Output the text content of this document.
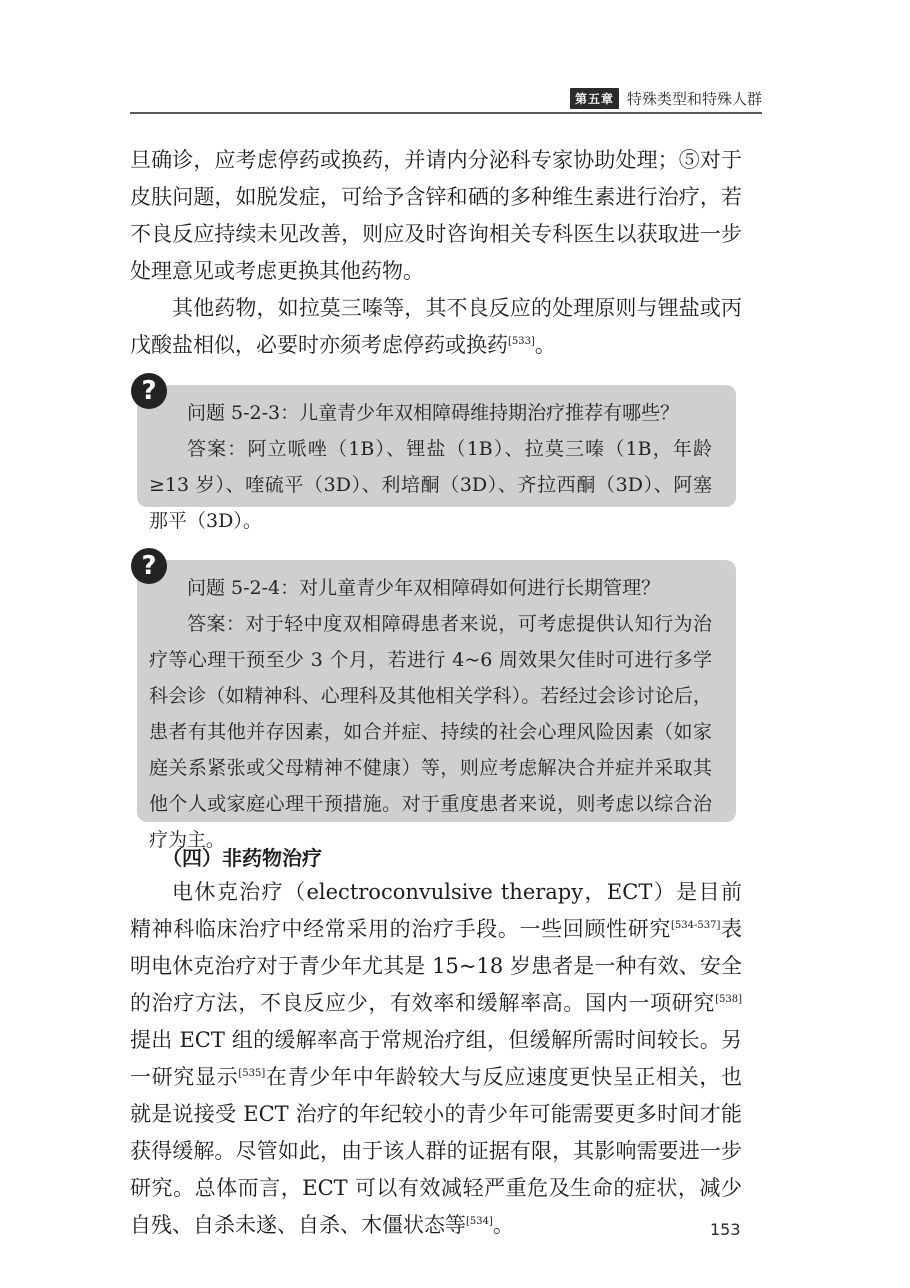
第五章 特殊类型和特殊人群

旦确诊，应考虑停药或换药，并请内分泌科专家协助处理；⑤对于皮肤问题，如脱发症，可给予含锌和硒的多种维生素进行治疗，若不良反应持续未见改善，则应及时咨询相关专科医生以获取进一步处理意见或考虑更换其他药物。

其他药物，如拉莫三嗪等，其不良反应的处理原则与锂盐或丙戊酸盐相似，必要时亦须考虑停药或换药[533]。

?

问题 5-2-3：儿童青少年双相障碍维持期治疗推荐有哪些？

答案：阿立哌唑（1B）、锂盐（1B）、拉莫三嗪（1B，年龄≥13 岁）、喹硫平（3D）、利培酮（3D）、齐拉西酮（3D）、阿塞那平（3D）。

?

问题 5-2-4：对儿童青少年双相障碍如何进行长期管理？

答案：对于轻中度双相障碍患者来说，可考虑提供认知行为治疗等心理干预至少 3 个月，若进行 4~6 周效果欠佳时可进行多学科会诊（如精神科、心理科及其他相关学科）。若经过会诊讨论后，患者有其他并存因素，如合并症、持续的社会心理风险因素（如家庭关系紧张或父母精神不健康）等，则应考虑解决合并症并采取其他个人或家庭心理干预措施。对于重度患者来说，则考虑以综合治疗为主。

（四）非药物治疗

电休克治疗（electroconvulsive therapy，ECT）是目前精神科临床治疗中经常采用的治疗手段。一些回顾性研究[534-537]表明电休克治疗对于青少年尤其是 15~18 岁患者是一种有效、安全的治疗方法，不良反应少，有效率和缓解率高。国内一项研究[538]提出 ECT 组的缓解率高于常规治疗组，但缓解所需时间较长。另一研究显示[535]在青少年中年龄较大与反应速度更快呈正相关，也就是说接受 ECT 治疗的年纪较小的青少年可能需要更多时间才能获得缓解。尽管如此，由于该人群的证据有限，其影响需要进一步研究。总体而言，ECT 可以有效减轻严重危及生命的症状，减少自残、自杀未遂、自杀、木僵状态等[534]。	153
